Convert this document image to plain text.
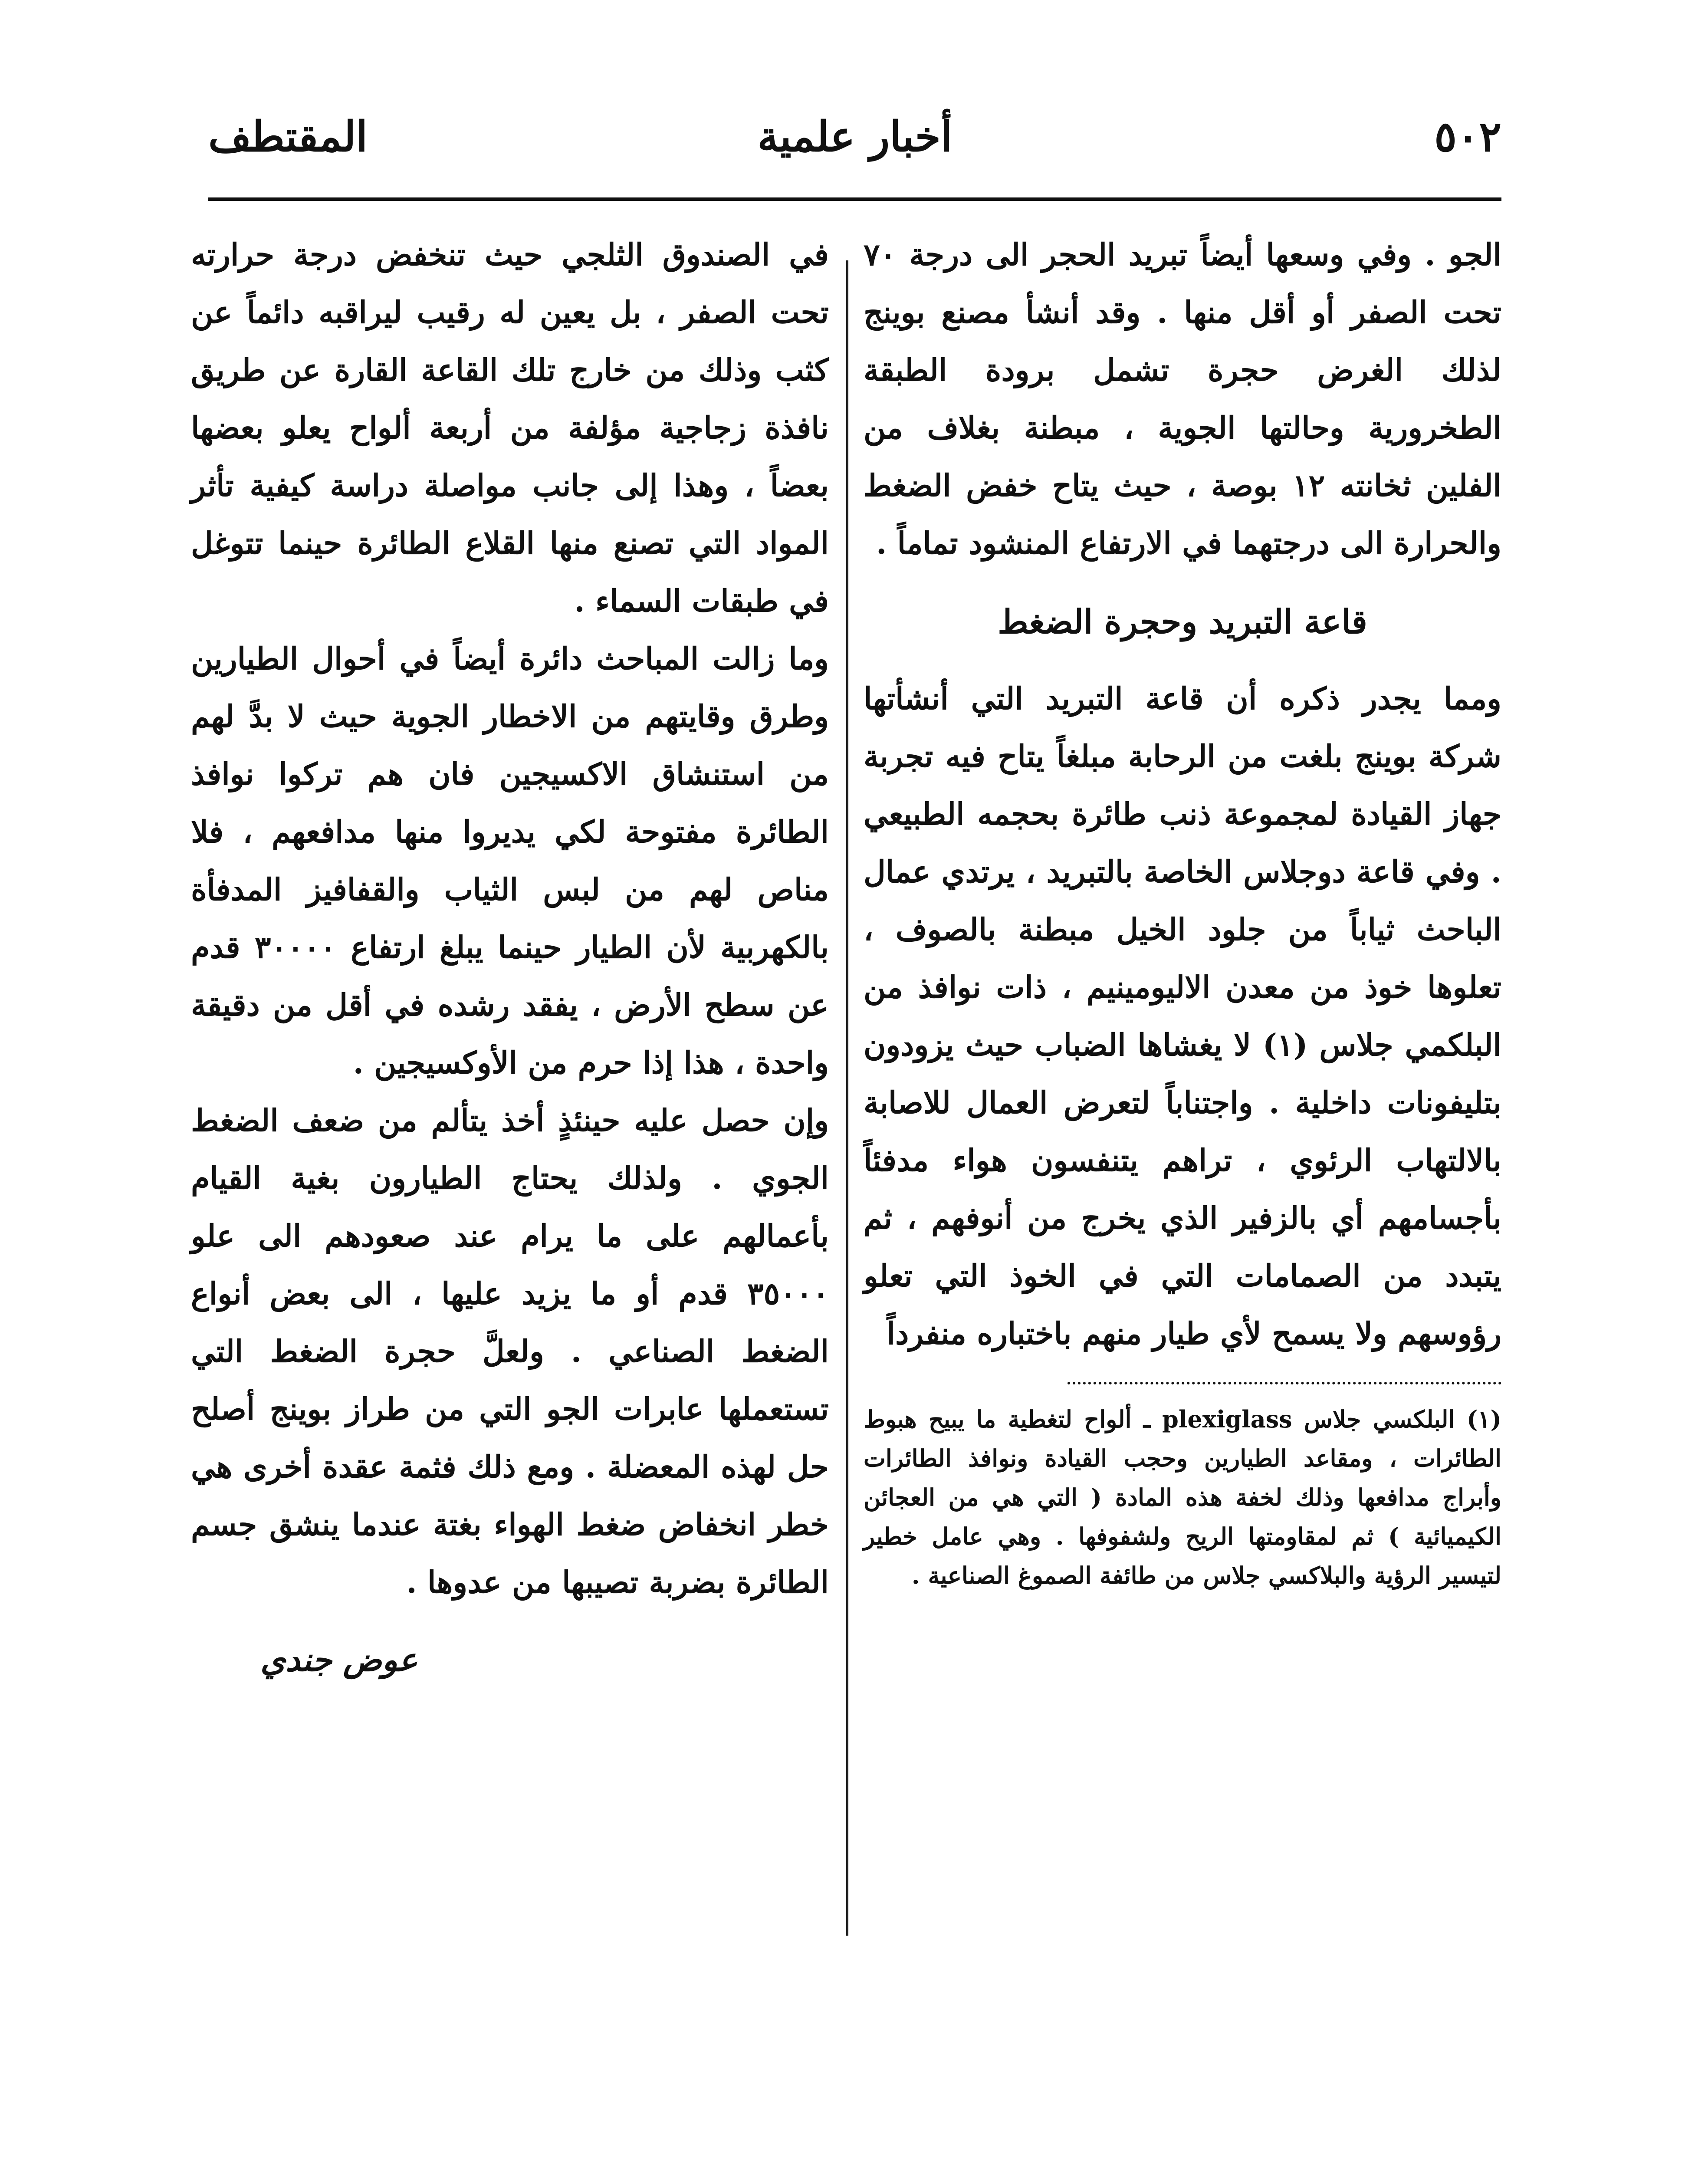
المقتطف	أخبار علمية	٥٠٢

الجو . وفي وسعها أيضاً تبريد الحجر الى درجة ٧٠ تحت الصفر أو أقل منها . وقد أنشأ مصنع بوينج لذلك الغرض حجرة تشمل برودة الطبقة الطخرورية وحالتها الجوية ، مبطنة بغلاف من الفلين ثخانته ١٢ بوصة ، حيث يتاح خفض الضغط والحرارة الى درجتهما في الارتفاع المنشود تماماً .

قاعة التبريد وحجرة الضغط

ومما يجدر ذكره أن قاعة التبريد التي أنشأتها شركة بوينج بلغت من الرحابة مبلغاً يتاح فيه تجربة جهاز القيادة لمجموعة ذنب طائرة بحجمه الطبيعي . وفي قاعة دوجلاس الخاصة بالتبريد ، يرتدي عمال الباحث ثياباً من جلود الخيل مبطنة بالصوف ، تعلوها خوذ من معدن الاليومينيم ، ذات نوافذ من البلكمي جلاس (١) لا يغشاها الضباب حيث يزودون بتليفونات داخلية . واجتناباً لتعرض العمال للاصابة بالالتهاب الرئوي ، تراهم يتنفسون هواء مدفئاً بأجسامهم أي بالزفير الذي يخرج من أنوفهم ، ثم يتبدد من الصمامات التي في الخوذ التي تعلو رؤوسهم ولا يسمح لأي طيار منهم باختباره منفرداً

(١) البلكسي جلاس plexiglass ـ ألواح لتغطية ما يبيح هبوط الطائرات ، ومقاعد الطيارين وحجب القيادة ونوافذ الطائرات وأبراج مدافعها وذلك لخفة هذه المادة ( التي هي من العجائن الكيميائية ) ثم لمقاومتها الريح ولشفوفها . وهي عامل خطير لتيسير الرؤية والبلاكسي جلاس من طائفة الصموغ الصناعية .

في الصندوق الثلجي حيث تنخفض درجة حرارته تحت الصفر ، بل يعين له رقيب ليراقبه دائماً عن كثب وذلك من خارج تلك القاعة القارة عن طريق نافذة زجاجية مؤلفة من أربعة ألواح يعلو بعضها بعضاً ، وهذا إلى جانب مواصلة دراسة كيفية تأثر المواد التي تصنع منها القلاع الطائرة حينما تتوغل في طبقات السماء .

وما زالت المباحث دائرة أيضاً في أحوال الطيارين وطرق وقايتهم من الاخطار الجوية حيث لا بدَّ لهم من استنشاق الاكسيجين فان هم تركوا نوافذ الطائرة مفتوحة لكي يديروا منها مدافعهم ، فلا مناص لهم من لبس الثياب والقفافيز المدفأة بالكهربية لأن الطيار حينما يبلغ ارتفاع ٣٠٠٠٠ قدم عن سطح الأرض ، يفقد رشده في أقل من دقيقة واحدة ، هذا إذا حرم من الأوكسيجين .

وإن حصل عليه حينئذٍ أخذ يتألم من ضعف الضغط الجوي . ولذلك يحتاج الطيارون بغية القيام بأعمالهم على ما يرام عند صعودهم الى علو ٣٥٠٠٠ قدم أو ما يزيد عليها ، الى بعض أنواع الضغط الصناعي . ولعلَّ حجرة الضغط التي تستعملها عابرات الجو التي من طراز بوينج أصلح حل لهذه المعضلة . ومع ذلك فثمة عقدة أخرى هي خطر انخفاض ضغط الهواء بغتة عندما ينشق جسم الطائرة بضربة تصيبها من عدوها .

عوض جندي
